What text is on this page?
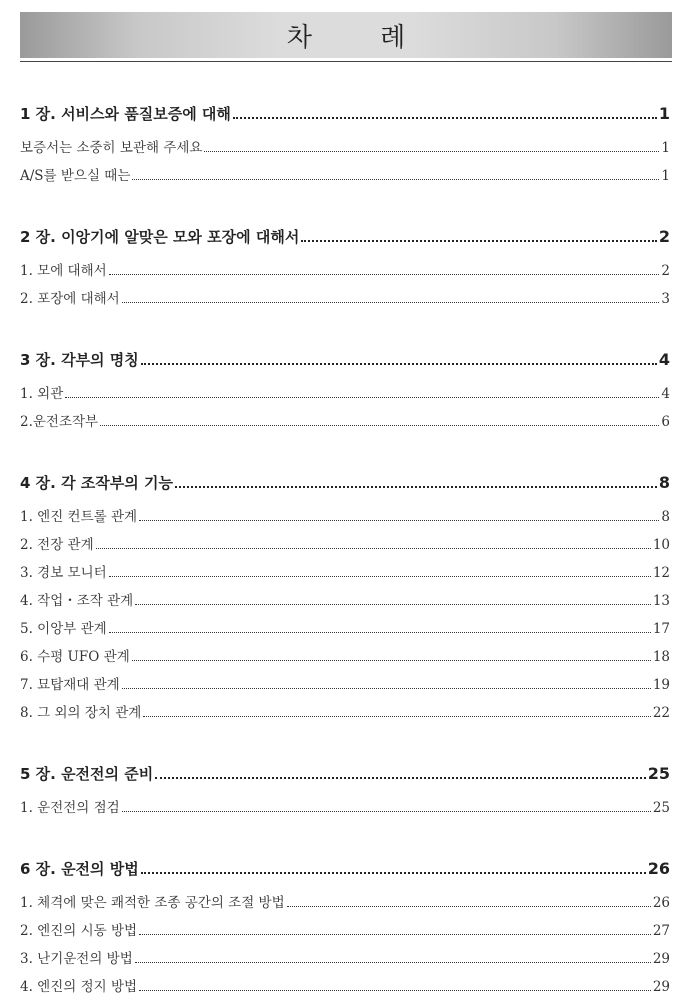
차 례
1 장. 서비스와 품질보증에 대해	1
보증서는 소중히 보관해 주세요	1
A/S를 받으실 때는	1
2 장. 이앙기에 알맞은 모와 포장에 대해서	2
1. 모에 대해서	2
2. 포장에 대해서	3
3 장. 각부의 명칭	4
1. 외관	4
2.운전조작부	6
4 장. 각 조작부의 기능	8
1. 엔진 컨트롤 관계	8
2. 전장 관계	10
3. 경보 모니터	12
4. 작업・조작 관계	13
5. 이앙부 관계	17
6. 수평 UFO 관계	18
7. 묘탑재대 관계	19
8. 그 외의 장치 관계	22
5 장. 운전전의 준비	25
1. 운전전의 점검	25
6 장. 운전의 방법	26
1. 체격에 맞은 쾌적한 조종 공간의 조절 방법	26
2. 엔진의 시동 방법	27
3. 난기운전의 방법	29
4. 엔진의 정지 방법	29
